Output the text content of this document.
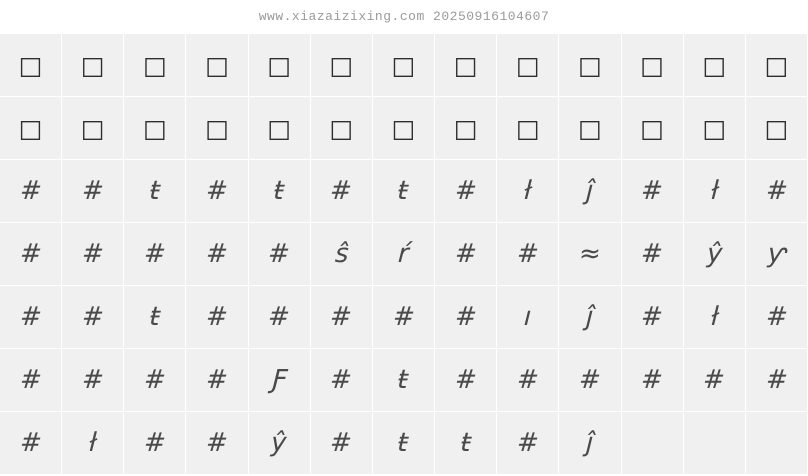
www.xiazaizixing.com 20250916104607
□ □ □ □ □ □ □ □ □ □ □ □ □
□ □ □ □ □ □ □ □ □ □ □ □ □
# # ŧ # ŧ # ŧ # ł ĵ # ł #
# # # # # ŝ ŕ # # ≈ # ŷ ƴ
# # ŧ # # # # # ı ĵ # ł #
# # # # Ƒ # ŧ # # # # # #
# ł # # ŷ # ŧ ŧ # ĵ
